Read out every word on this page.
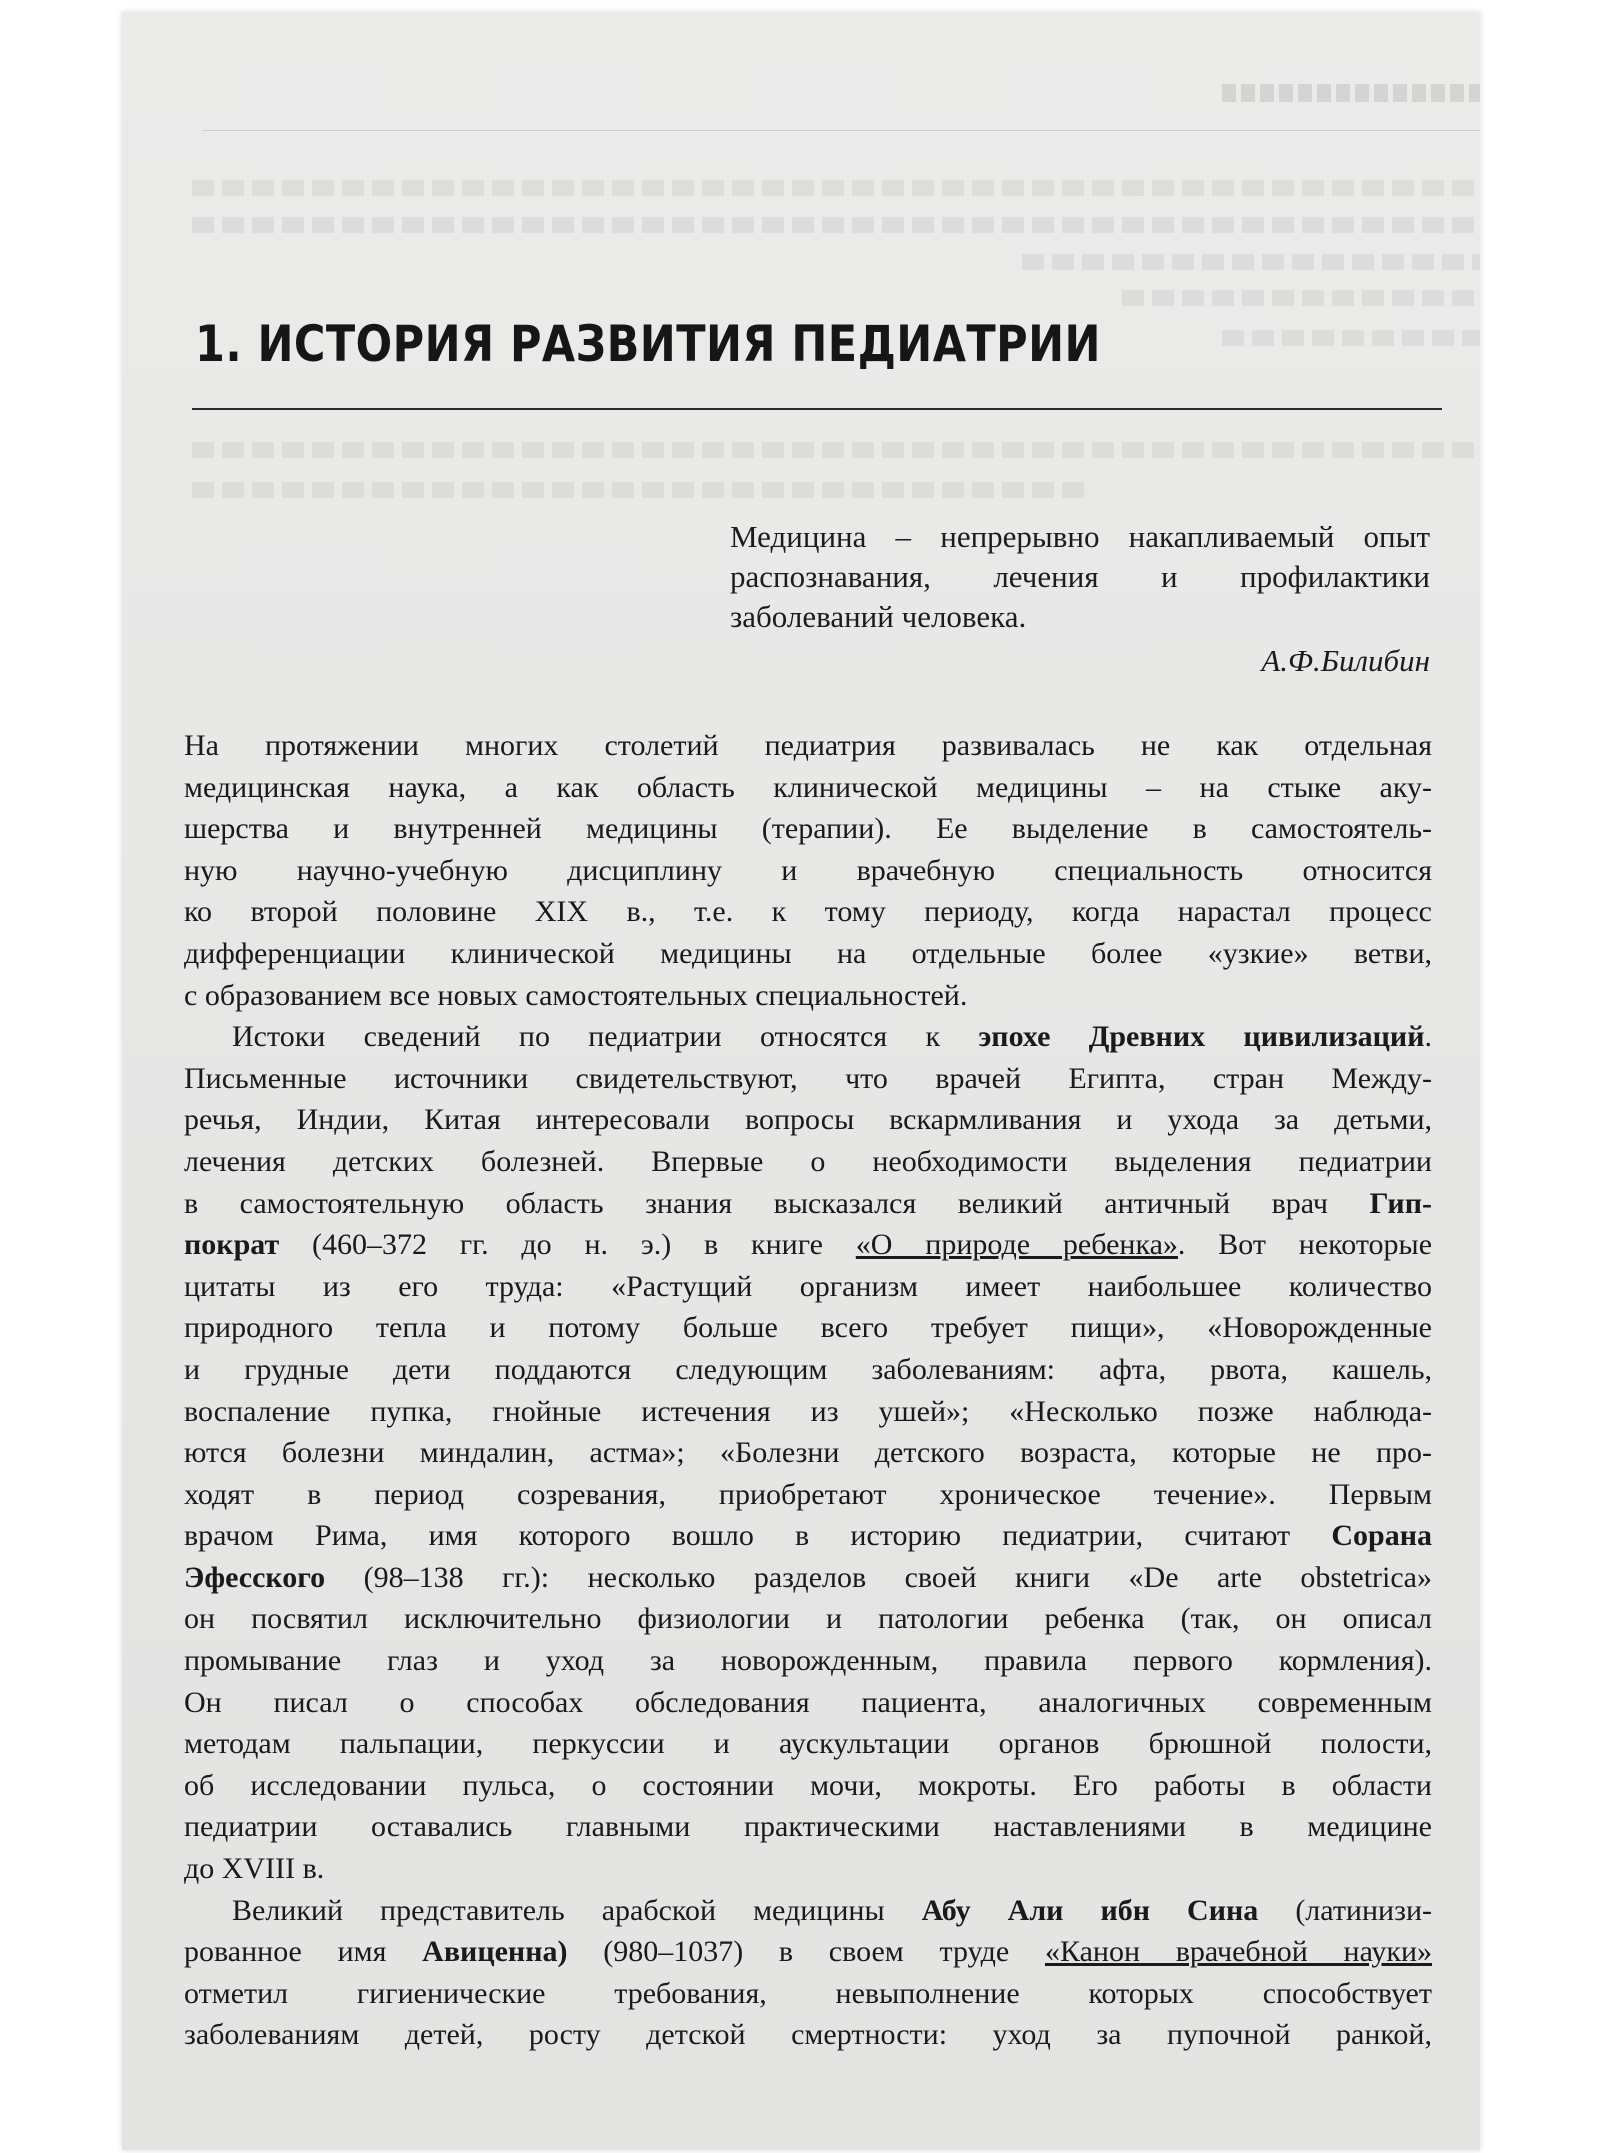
1. ИСТОРИЯ РАЗВИТИЯ ПЕДИАТРИИ
Медицина – непрерывно накапливаемый опыт распознавания, лечения и профилактики заболеваний человека.
А.Ф.Билибин
На протяжении многих столетий педиатрия развивалась не как отдельная
медицинская наука, а как область клинической медицины – на стыке аку-
шерства и внутренней медицины (терапии). Ее выделение в самостоятель-
ную научно-учебную дисциплину и врачебную специальность относится
ко второй половине XIX в., т.е. к тому периоду, когда нарастал процесс
дифференциации клинической медицины на отдельные более «узкие» ветви,
с образованием все новых самостоятельных специальностей.
Истоки сведений по педиатрии относятся к эпохе Древних цивилизаций.
Письменные источники свидетельствуют, что врачей Египта, стран Между-
речья, Индии, Китая интересовали вопросы вскармливания и ухода за детьми,
лечения детских болезней. Впервые о необходимости выделения педиатрии
в самостоятельную область знания высказался великий античный врач Гип-
пократ (460–372 гг. до н. э.) в книге «О природе ребенка». Вот некоторые
цитаты из его труда: «Растущий организм имеет наибольшее количество
природного тепла и потому больше всего требует пищи», «Новорожденные
и грудные дети поддаются следующим заболеваниям: афта, рвота, кашель,
воспаление пупка, гнойные истечения из ушей»; «Несколько позже наблюда-
ются болезни миндалин, астма»; «Болезни детского возраста, которые не про-
ходят в период созревания, приобретают хроническое течение». Первым
врачом Рима, имя которого вошло в историю педиатрии, считают Сорана
Эфесского (98–138 гг.): несколько разделов своей книги «De arte obstetrica»
он посвятил исключительно физиологии и патологии ребенка (так, он описал
промывание глаз и уход за новорожденным, правила первого кормления).
Он писал о способах обследования пациента, аналогичных современным
методам пальпации, перкуссии и аускультации органов брюшной полости,
об исследовании пульса, о состоянии мочи, мокроты. Его работы в области
педиатрии оставались главными практическими наставлениями в медицине
до XVIII в.
Великий представитель арабской медицины Абу Али ибн Сина (латинизи-
рованное имя Авиценна) (980–1037) в своем труде «Канон врачебной науки»
отметил гигиенические требования, невыполнение которых способствует
заболеваниям детей, росту детской смертности: уход за пупочной ранкой,
